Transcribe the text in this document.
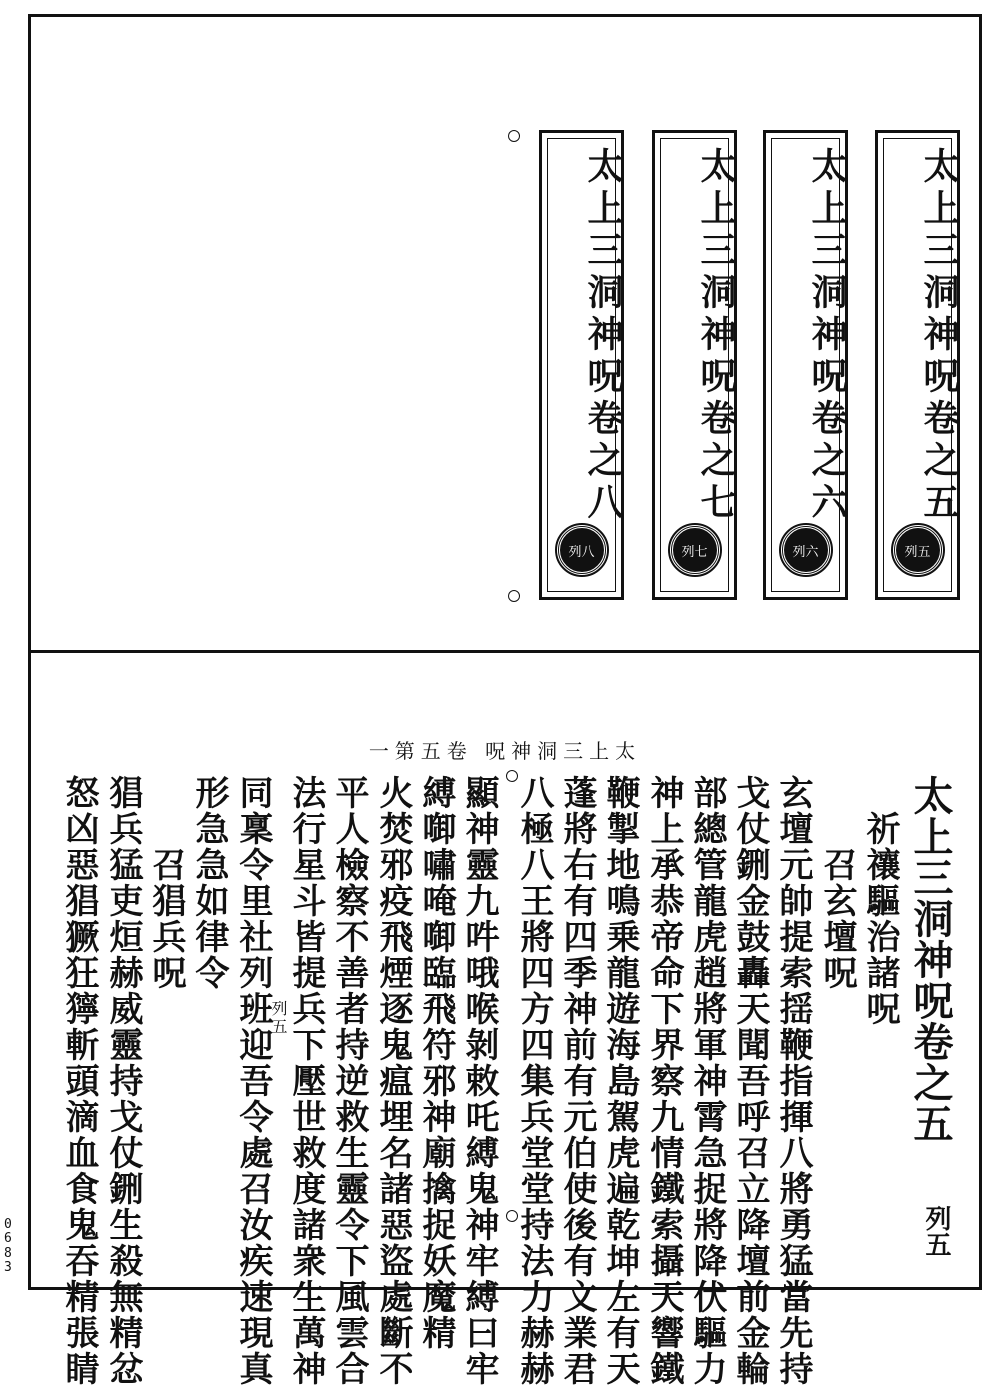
太上三洞神呪卷之五
列五
太上三洞神呪卷之六
列六
太上三洞神呪卷之七
列七
太上三洞神呪卷之八
列八
太上三洞神呪 卷五第一
太上三洞神呪卷之五
　祈禳驅治諸呪
　　召玄壇呪
玄壇元帥提索揺鞭指揮八將勇猛當先持
戈仗鉶金鼓轟天聞吾呼召立降壇前金輪
部總管龍虎趙將軍神霄急捉將降伏驅力
神上承恭帝命下界察九情鐵索攝天響鐵
鞭掣地鳴乗龍遊海島駕虎遍乾坤左有天
蓬將右有四季神前有元伯使後有文業君
八極八王將四方四集兵堂堂持法力赫赫
顯神靈九吽哦喉剝敕吒縛鬼神牢縛曰牢
縛啣嘯唵啣臨飛符邪神廟擒捉妖魔精
火焚邪疫飛煙逐鬼瘟埋名諸惡盜處斷不
平人檢察不善者持逆救生靈令下風雲合
法行星斗皆提兵下壓世救度諸衆生萬神
同稟令里社列班迎吾令處召汝疾速現真
形急急如律令
　　召猖兵呪
猖兵猛吏烜赫威靈持戈仗鉶生殺無精忿
怒凶惡猖獗狂獰斬頭滴血食鬼吞精張睛	列五
列五
0683
